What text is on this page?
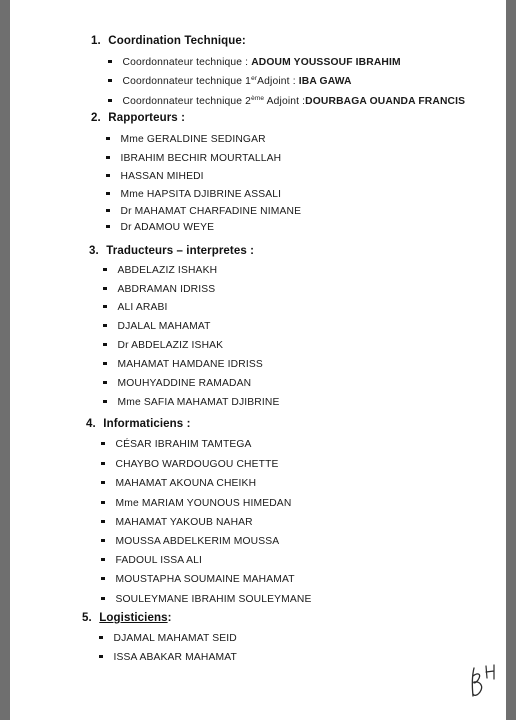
1. Coordination Technique:
Coordonnateur technique : ADOUM YOUSSOUF IBRAHIM
Coordonnateur technique 1erAdjoint : IBA GAWA
Coordonnateur technique 2ème Adjoint :DOURBAGA OUANDA FRANCIS
2. Rapporteurs :
Mme GERALDINE SEDINGAR
IBRAHIM BECHIR MOURTALLAH
HASSAN MIHEDI
Mme HAPSITA DJIBRINE ASSALI
Dr MAHAMAT CHARFADINE NIMANE
Dr ADAMOU WEYE
3. Traducteurs – interpretes :
ABDELAZIZ ISHAKH
ABDRAMAN IDRISS
ALI ARABI
DJALAL MAHAMAT
Dr ABDELAZIZ ISHAK
MAHAMAT HAMDANE IDRISS
MOUHYADDINE RAMADAN
Mme SAFIA MAHAMAT DJIBRINE
4. Informaticiens :
CÉSAR IBRAHIM TAMTEGA
CHAYBO WARDOUGOU CHETTE
MAHAMAT AKOUNA CHEIKH
Mme MARIAM YOUNOUS HIMEDAN
MAHAMAT YAKOUB NAHAR
MOUSSA ABDELKERIM MOUSSA
FADOUL ISSA ALI
MOUSTAPHA SOUMAINE MAHAMAT
SOULEYMANE IBRAHIM SOULEYMANE
5. Logisticiens:
DJAMAL MAHAMAT SEID
ISSA ABAKAR MAHAMAT
